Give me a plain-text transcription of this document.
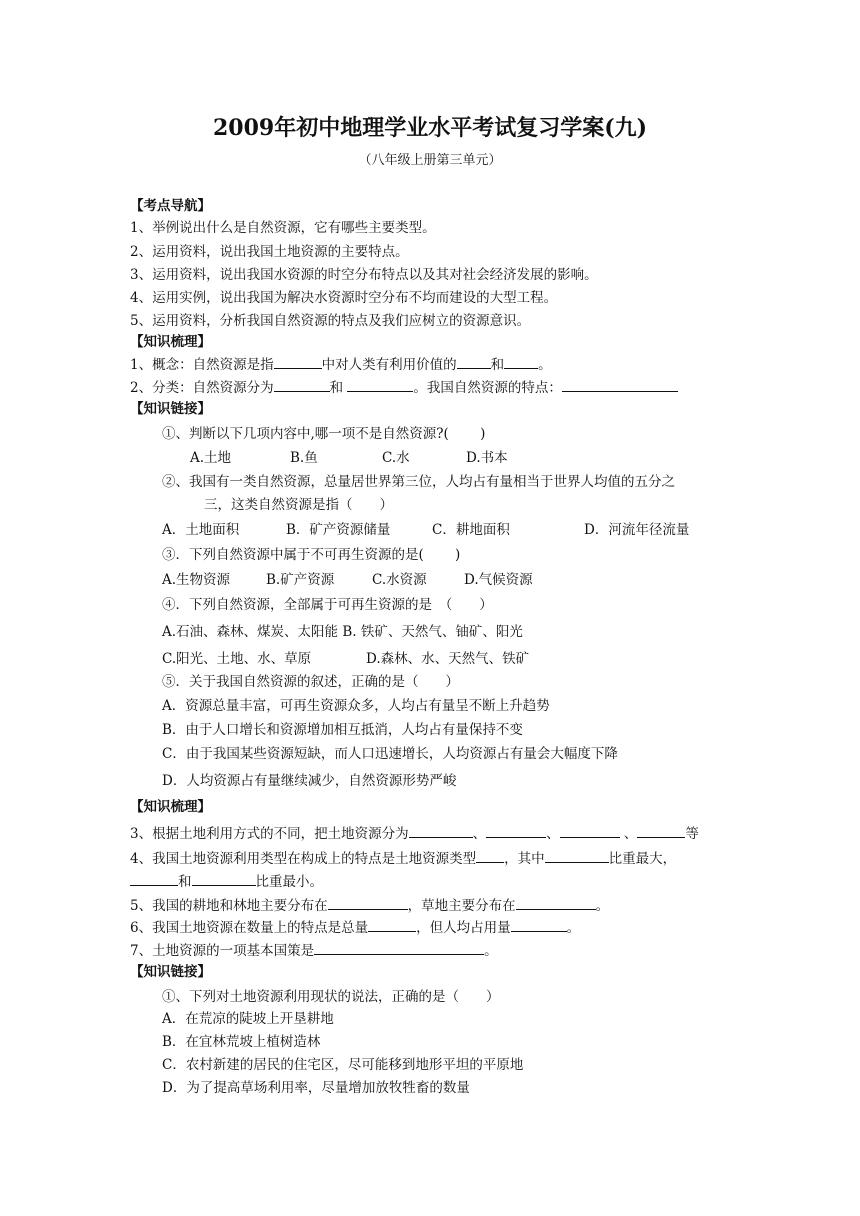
2009年初中地理学业水平考试复习学案(九)
（八年级上册第三单元）
【考点导航】
1、举例说出什么是自然资源，它有哪些主要类型。
2、运用资料，说出我国土地资源的主要特点。
3、运用资料，说出我国水资源的时空分布特点以及其对社会经济发展的影响。
4、运用实例，说出我国为解决水资源时空分布不均而建设的大型工程。
5、运用资料，分析我国自然资源的特点及我们应树立的资源意识。
【知识梳理】
1、概念：自然资源是指	中对人类有利用价值的	和	。
2、分类：自然资源分为	和	。我国自然资源的特点：
【知识链接】
①、判断以下几项内容中,哪一项不是自然资源?(　　 )
A.土地	B.鱼	C.水	D.书本
②、我国有一类自然资源，总量居世界第三位，人均占有量相当于世界人均值的五分之
三，这类自然资源是指（　　）
A．土地面积	B．矿产资源储量	C．耕地面积	D．河流年径流量
③．下列自然资源中属于不可再生资源的是(　　 )
A.生物资源	B.矿产资源	C.水资源	D.气候资源
④．下列自然资源，全部属于可再生资源的是　（　　）
A.石油、森林、煤炭、太阳能 B. 铁矿、天然气、铀矿、阳光
C.阳光、土地、水、草原	D.森林、水、天然气、铁矿
⑤．关于我国自然资源的叙述，正确的是（　　）
A．资源总量丰富，可再生资源众多，人均占有量呈不断上升趋势
B．由于人口增长和资源增加相互抵消，人均占有量保持不变
C．由于我国某些资源短缺，而人口迅速增长，人均资源占有量会大幅度下降
D．人均资源占有量继续减少，自然资源形势严峻
【知识梳理】
3、根据土地利用方式的不同，把土地资源分为	、	、	、	等
4、我国土地资源利用类型在构成上的特点是土地资源类型 ，其中	比重最大，
和	比重最小。
5、我国的耕地和林地主要分布在	，草地主要分布在	。
6、我国土地资源在数量上的特点是总量	，但人均占用量	。
7、土地资源的一项基本国策是	。
【知识链接】
①、下列对土地资源利用现状的说法，正确的是（　　）
A．在荒凉的陡坡上开垦耕地
B．在宜林荒坡上植树造林
C．农村新建的居民的住宅区，尽可能移到地形平坦的平原地
D．为了提高草场利用率，尽量增加放牧牲畜的数量
